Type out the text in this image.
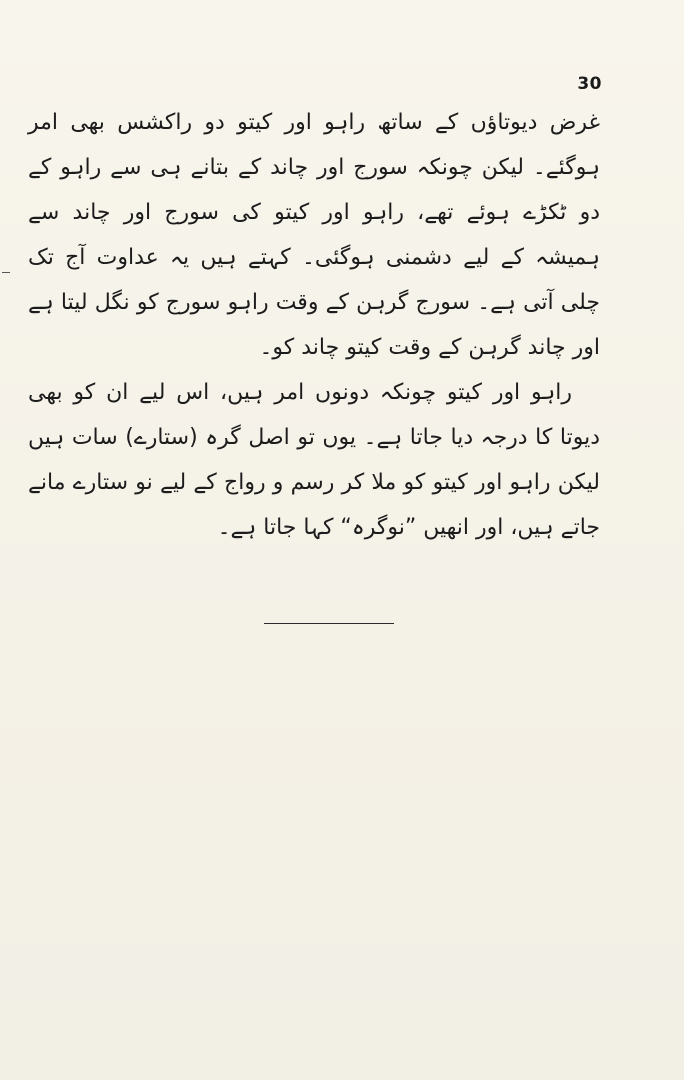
30

غرض دیوتاؤں کے ساتھ راہو اور کیتو دو راکشس بھی امر ہوگئے۔ لیکن چونکہ سورج اور چاند کے بتانے ہی سے راہو کے دو ٹکڑے ہوئے تھے، راہو اور کیتو کی سورج اور چاند سے ہمیشہ کے لیے دشمنی ہوگئی۔ کہتے ہیں یہ عداوت آج تک چلی آتی ہے۔ سورج گرہن کے وقت راہو سورج کو نگل لیتا ہے اور چاند گرہن کے وقت کیتو چاند کو۔

راہو اور کیتو چونکہ دونوں امر ہیں، اس لیے ان کو بھی دیوتا کا درجہ دیا جاتا ہے۔ یوں تو اصل گرہ (ستارے) سات ہیں لیکن راہو اور کیتو کو ملا کر رسم و رواج کے لیے نو ستارے مانے جاتے ہیں، اور انھیں ”نوگرہ“ کہا جاتا ہے۔
